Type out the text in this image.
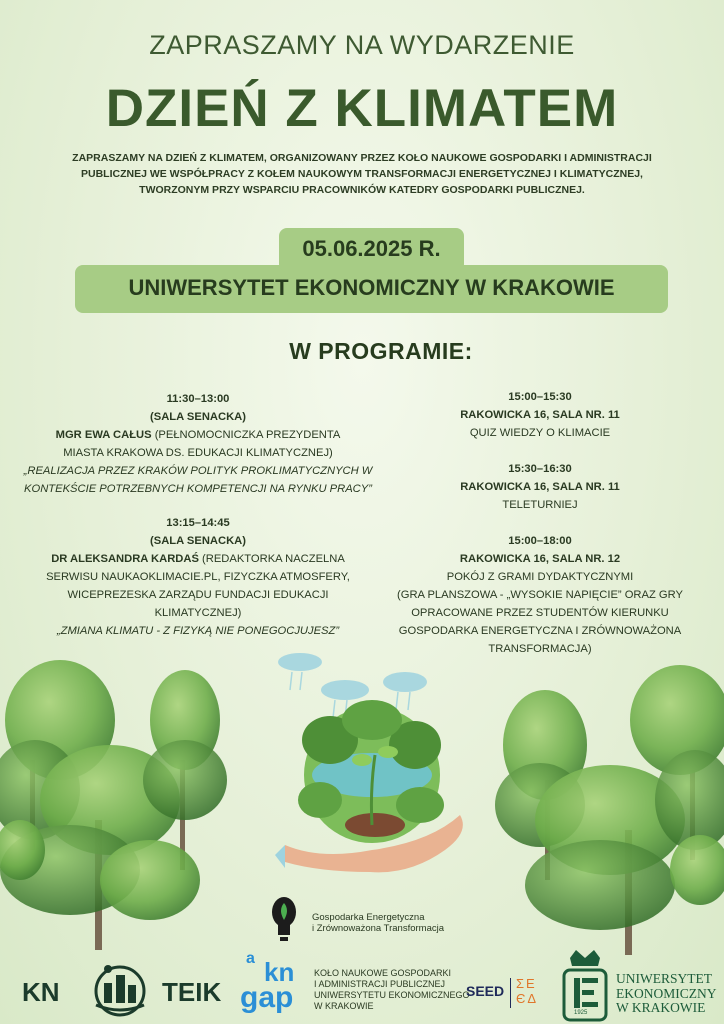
ZAPRASZAMY NA WYDARZENIE
DZIEŃ Z KLIMATEM
ZAPRASZAMY NA DZIEŃ Z KLIMATEM, ORGANIZOWANY PRZEZ KOŁO NAUKOWE GOSPODARKI I ADMINISTRACJI
PUBLICZNEJ WE WSPÓŁPRACY Z KOŁEM NAUKOWYM TRANSFORMACJI ENERGETYCZNEJ I KLIMATYCZNEJ,
TWORZONYM PRZY WSPARCIU PRACOWNIKÓW KATEDRY GOSPODARKI PUBLICZNEJ.
05.06.2025 R.
UNIWERSYTET EKONOMICZNY W KRAKOWIE
W PROGRAMIE:

11:30–13:00

(SALA SENACKA)

MGR EWA CAŁUS (PEŁNOMOCNICZKA PREZYDENTA

MIASTA KRAKOWA DS. EDUKACJI KLIMATYCZNEJ)

„REALIZACJA PRZEZ KRAKÓW POLITYK PROKLIMATYCZNYCH W

KONTEKŚCIE POTRZEBNYCH KOMPETENCJI NA RYNKU PRACY”

13:15–14:45

(SALA SENACKA)

DR ALEKSANDRA KARDAŚ (REDAKTORKA NACZELNA

SERWISU NAUKAOKLIMACIE.PL, FIZYCZKA ATMOSFERY,

WICEPREZESKA ZARZĄDU FUNDACJI EDUKACJI

KLIMATYCZNEJ)

„ZMIANA KLIMATU - Z FIZYKĄ NIE PONEGOCJUJESZ”

15:00–15:30

RAKOWICKA 16, SALA NR. 11

QUIZ WIEDZY O KLIMACIE

15:30–16:30

RAKOWICKA 16, SALA NR. 11

TELETURNIEJ

15:00–18:00

RAKOWICKA 16, SALA NR. 12

POKÓJ Z GRAMI DYDAKTYCZNYMI

(GRA PLANSZOWA - „WYSOKIE NAPIĘCIE” ORAZ GRY

OPRACOWANE PRZEZ STUDENTÓW KIERUNKU

GOSPODARKA ENERGETYCZNA I ZRÓWNOWAŻONA

TRANSFORMACJA)

Gospodarka Energetyczna
i Zrównoważona Transformacja
KN	TEIK
a kn
gap
KOŁO NAUKOWE GOSPODARKI
I ADMINISTRACJI PUBLICZNEJ
UNIWERSYTETU EKONOMICZNEGO
W KRAKOWIE
SEED ΣΕ
ЄΔ
1925
UNIWERSYTET
EKONOMICZNY
W KRAKOWIE
